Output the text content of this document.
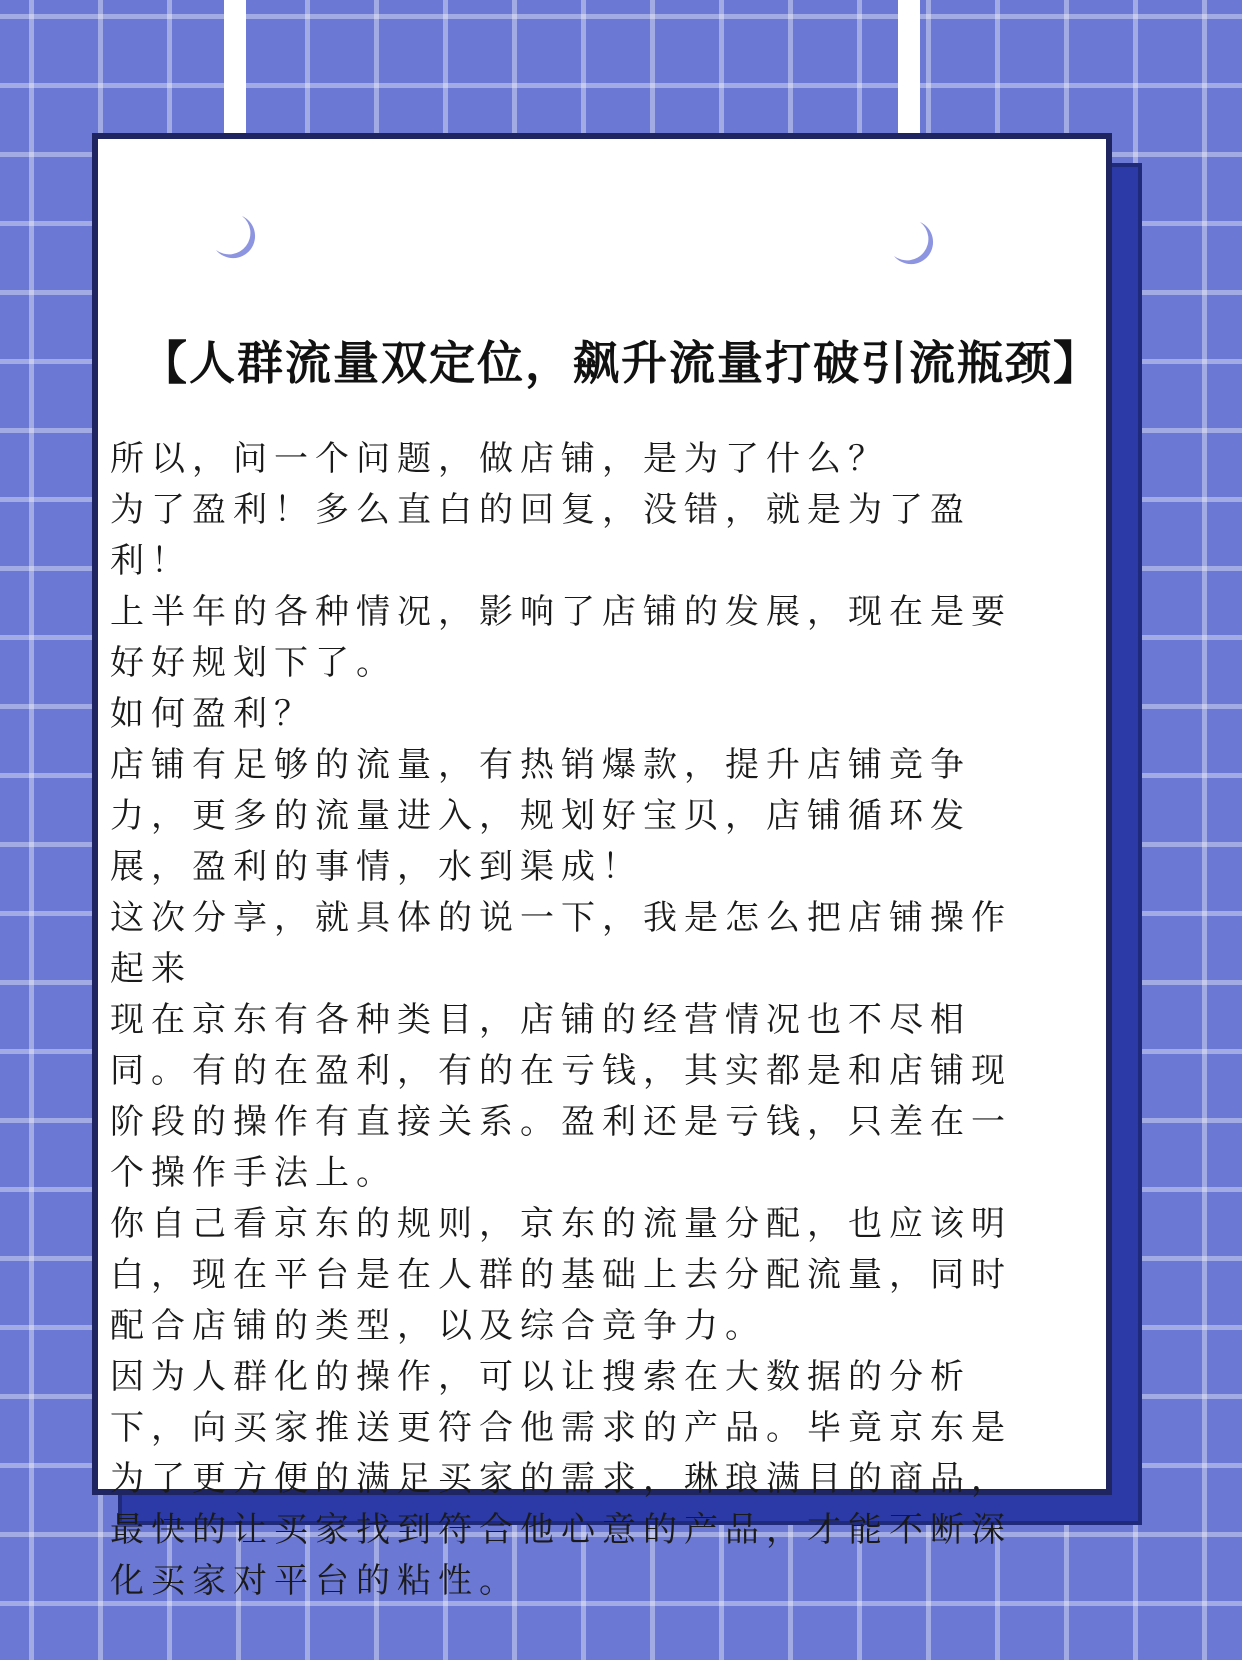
【人群流量双定位，飙升流量打破引流瓶颈】

所以，问一个问题，做店铺，是为了什么？

为了盈利！多么直白的回复，没错，就是为了盈利！

上半年的各种情况，影响了店铺的发展，现在是要好好规划下了。

如何盈利？

店铺有足够的流量，有热销爆款，提升店铺竞争力，更多的流量进入，规划好宝贝，店铺循环发展，盈利的事情，水到渠成！

这次分享，就具体的说一下，我是怎么把店铺操作起来

现在京东有各种类目，店铺的经营情况也不尽相同。有的在盈利，有的在亏钱，其实都是和店铺现阶段的操作有直接关系。盈利还是亏钱，只差在一个操作手法上。

你自己看京东的规则，京东的流量分配，也应该明白，现在平台是在人群的基础上去分配流量，同时配合店铺的类型，以及综合竞争力。

因为人群化的操作，可以让搜索在大数据的分析下，向买家推送更符合他需求的产品。毕竟京东是为了更方便的满足买家的需求，琳琅满目的商品，最快的让买家找到符合他心意的产品，才能不断深化买家对平台的粘性。
